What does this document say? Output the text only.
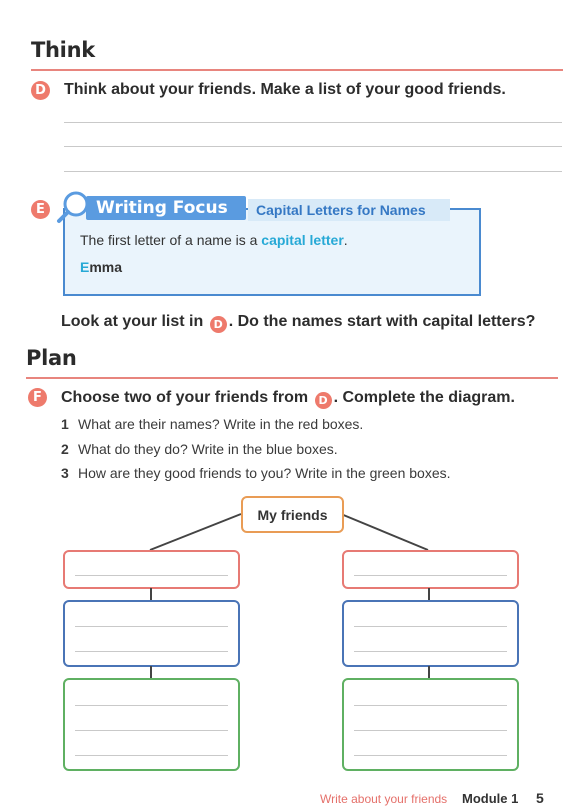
Think
D Think about your friends. Make a list of your good friends.
Writing Focus Capital Letters for Names
E
The first letter of a name is a capital letter.
Emma
Look at your list in D . Do the names start with capital letters?
Plan
F	Choose two of your friends from D . Complete the diagram.
1 What are their names? Write in the red boxes.
2 What do they do? Write in the blue boxes.
3 How are they good friends to you? Write in the green boxes.
My friends
Write about your friends Module 1 5
